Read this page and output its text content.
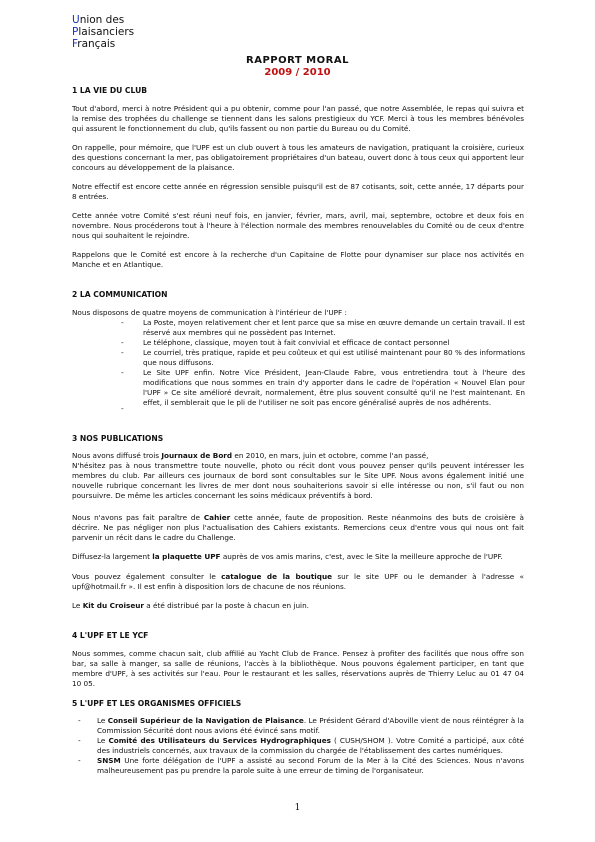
Union des
Plaisanciers
Français
RAPPORT MORAL
2009 / 2010
1 LA VIE DU CLUB
Tout d'abord, merci à notre Président qui a pu obtenir, comme pour l'an passé, que notre Assemblée, le repas qui suivra et la remise des trophées du challenge se tiennent dans les salons prestigieux du YCF. Merci à tous les membres bénévoles qui assurent le fonctionnement du club, qu'ils fassent ou non partie du Bureau ou du Comité.
On rappelle, pour mémoire, que l'UPF est un club ouvert à tous les amateurs de navigation, pratiquant la croisière, curieux des questions concernant la mer, pas obligatoirement propriétaires d'un bateau, ouvert donc à tous ceux qui apportent leur concours au développement de la plaisance.
Notre effectif est encore cette année en régression sensible puisqu'il est de 87 cotisants, soit, cette année, 17 départs pour 8 entrées.
Cette année votre Comité s'est réuni neuf fois, en janvier, février, mars, avril, mai, septembre, octobre et deux fois en novembre. Nous procéderons tout à l'heure à l'élection normale des membres renouvelables du Comité ou de ceux d'entre nous qui souhaitent le rejoindre.
Rappelons que le Comité est encore à la recherche d'un Capitaine de Flotte pour dynamiser sur place nos activités en Manche et en Atlantique.
2 LA COMMUNICATION
Nous disposons de quatre moyens de communication à l'intérieur de l'UPF :
-	La Poste, moyen relativement cher et lent parce que sa mise en œuvre demande un certain travail. Il est réservé aux membres qui ne possèdent pas Internet.
-	Le téléphone, classique, moyen tout à fait convivial et efficace de contact personnel
-	Le courriel, très pratique, rapide et peu coûteux et qui est utilisé maintenant pour 80 % des informations que nous diffusons.
-	Le Site UPF enfin. Notre Vice Président, Jean-Claude Fabre, vous entretiendra tout à l'heure des modifications que nous sommes en train d'y apporter dans le cadre de l'opération « Nouvel Elan pour l'UPF » Ce site amélioré devrait, normalement, être plus souvent consulté qu'il ne l'est maintenant. En effet, il semblerait que le pli de l'utiliser ne soit pas encore généralisé auprès de nos adhérents.
-
3 NOS PUBLICATIONS
Nous avons diffusé trois Journaux de Bord en 2010, en mars, juin et octobre, comme l'an passé,
N'hésitez pas à nous transmettre toute nouvelle, photo ou récit dont vous pouvez penser qu'ils peuvent intéresser les membres du club. Par ailleurs ces journaux de bord sont consultables sur le Site UPF. Nous avons également initié une nouvelle rubrique concernant les livres de mer dont nous souhaiterions savoir si elle intéresse ou non, s'il faut ou non poursuivre. De même les articles concernant les soins médicaux préventifs à bord.
Nous n'avons pas fait paraître de Cahier cette année, faute de proposition. Reste néanmoins des buts de croisière à décrire. Ne pas négliger non plus l'actualisation des Cahiers existants. Remercions ceux d'entre vous qui nous ont fait parvenir un récit dans le cadre du Challenge.
Diffusez-la largement la plaquette UPF auprès de vos amis marins, c'est, avec le Site la meilleure approche de l'UPF.
Vous pouvez également consulter le catalogue de la boutique sur le site UPF ou le demander à l'adresse « upf@hotmail.fr ». Il est enfin à disposition lors de chacune de nos réunions.
Le Kit du Croiseur a été distribué par la poste à chacun en juin.
4 L'UPF ET LE YCF
Nous sommes, comme chacun sait, club affilié au Yacht Club de France. Pensez à profiter des facilités que nous offre son bar, sa salle à manger, sa salle de réunions, l'accès à la bibliothèque. Nous pouvons également participer, en tant que membre d'UPF, à ses activités sur l'eau. Pour le restaurant et les salles, réservations auprès de Thierry Leluc au 01 47 04 10 05.
5 L'UPF ET LES ORGANISMES OFFICIELS
-	Le Conseil Supérieur de la Navigation de Plaisance. Le Président Gérard d'Aboville vient de nous réintégrer à la Commission Sécurité dont nous avions été évincé sans motif.
-	Le Comité des Utilisateurs du Services Hydrographiques ( CUSH/SHOM ). Votre Comité a participé, aux côté des industriels concernés, aux travaux de la commission du chargée de l'établissement des cartes numériques.
-	SNSM Une forte délégation de l'UPF a assisté au second Forum de la Mer à la Cité des Sciences. Nous n'avons malheureusement pas pu prendre la parole suite à une erreur de timing de l'organisateur.
1
